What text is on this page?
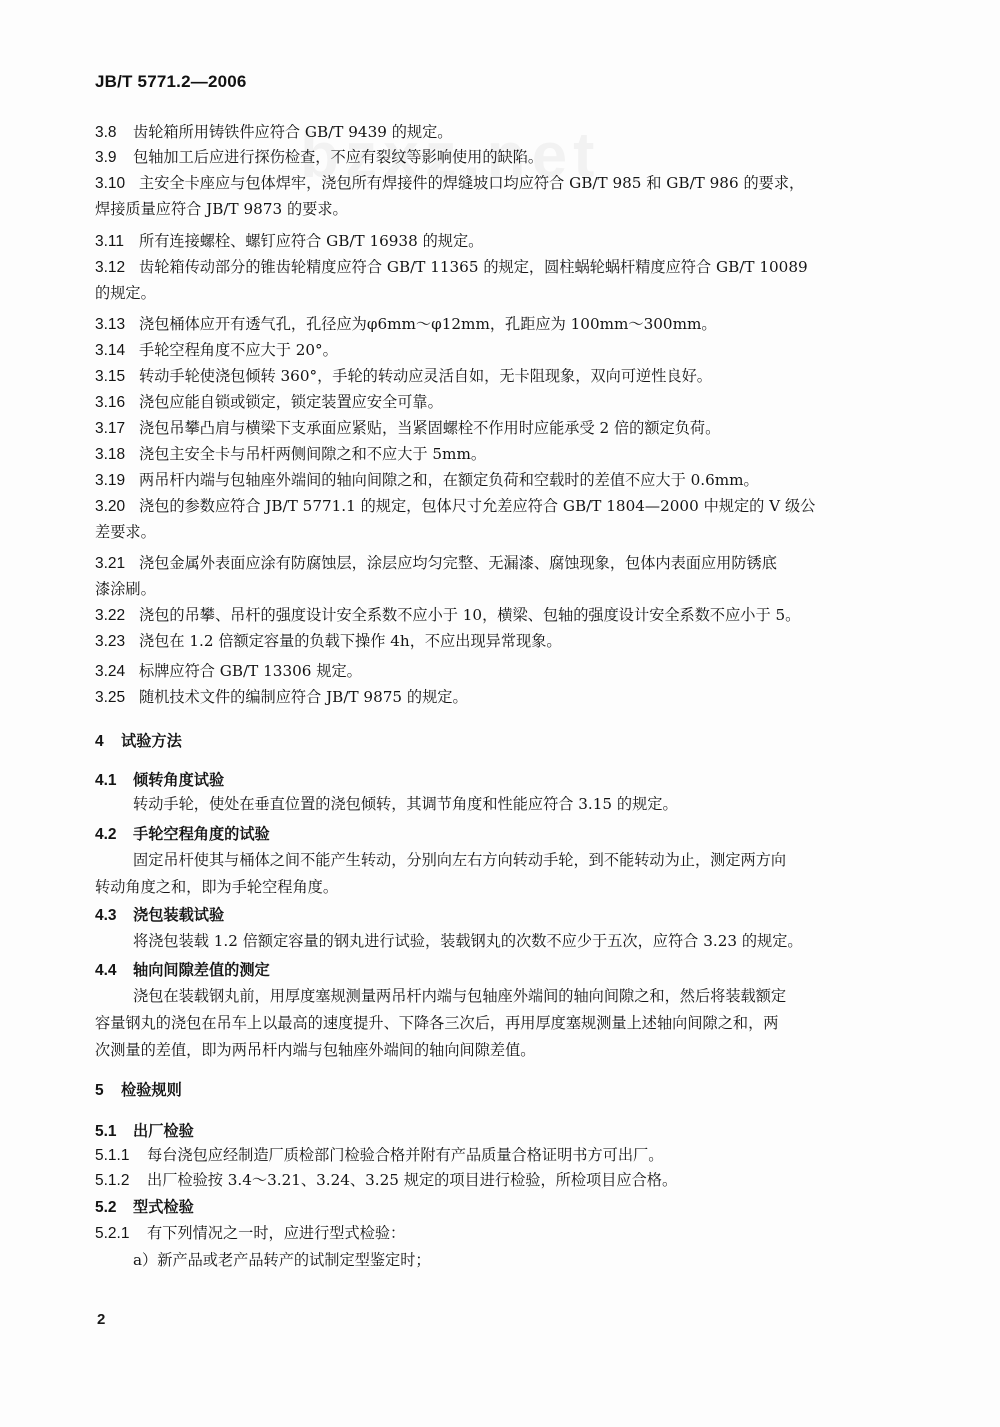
JB/T 5771.2—2006
3.8 齿轮箱所用铸铁件应符合 GB/T 9439 的规定。
3.9 包轴加工后应进行探伤检查，不应有裂纹等影响使用的缺陷。
3.10 主安全卡座应与包体焊牢，浇包所有焊接件的焊缝坡口均应符合 GB/T 985 和 GB/T 986 的要求，
焊接质量应符合 JB/T 9873 的要求。
3.11 所有连接螺栓、螺钉应符合 GB/T 16938 的规定。
3.12 齿轮箱传动部分的锥齿轮精度应符合 GB/T 11365 的规定，圆柱蜗轮蜗杆精度应符合 GB/T 10089
的规定。
3.13 浇包桶体应开有透气孔，孔径应为φ6mm～φ12mm，孔距应为 100mm～300mm。
3.14 手轮空程角度不应大于 20°。
3.15 转动手轮使浇包倾转 360°，手轮的转动应灵活自如，无卡阻现象，双向可逆性良好。
3.16 浇包应能自锁或锁定，锁定装置应安全可靠。
3.17 浇包吊攀凸肩与横梁下支承面应紧贴，当紧固螺栓不作用时应能承受 2 倍的额定负荷。
3.18 浇包主安全卡与吊杆两侧间隙之和不应大于 5mm。
3.19 两吊杆内端与包轴座外端间的轴向间隙之和，在额定负荷和空载时的差值不应大于 0.6mm。
3.20 浇包的参数应符合 JB/T 5771.1 的规定，包体尺寸允差应符合 GB/T 1804—2000 中规定的 V 级公
差要求。
3.21 浇包金属外表面应涂有防腐蚀层，涂层应均匀完整、无漏漆、腐蚀现象，包体内表面应用防锈底
漆涂刷。
3.22 浇包的吊攀、吊杆的强度设计安全系数不应小于 10，横梁、包轴的强度设计安全系数不应小于 5。
3.23 浇包在 1.2 倍额定容量的负载下操作 4h，不应出现异常现象。
3.24 标牌应符合 GB/T 13306 规定。
3.25 随机技术文件的编制应符合 JB/T 9875 的规定。
4 试验方法
4.1 倾转角度试验
转动手轮，使处在垂直位置的浇包倾转，其调节角度和性能应符合 3.15 的规定。
4.2 手轮空程角度的试验
固定吊杆使其与桶体之间不能产生转动，分别向左右方向转动手轮，到不能转动为止，测定两方向
转动角度之和，即为手轮空程角度。
4.3 浇包装载试验
将浇包装载 1.2 倍额定容量的钢丸进行试验，装载钢丸的次数不应少于五次，应符合 3.23 的规定。
4.4 轴向间隙差值的测定
浇包在装载钢丸前，用厚度塞规测量两吊杆内端与包轴座外端间的轴向间隙之和，然后将装载额定
容量钢丸的浇包在吊车上以最高的速度提升、下降各三次后，再用厚度塞规测量上述轴向间隙之和，两
次测量的差值，即为两吊杆内端与包轴座外端间的轴向间隙差值。
5 检验规则
5.1 出厂检验
5.1.1 每台浇包应经制造厂质检部门检验合格并附有产品质量合格证明书方可出厂。
5.1.2 出厂检验按 3.4～3.21、3.24、3.25 规定的项目进行检验，所检项目应合格。
5.2 型式检验
5.2.1 有下列情况之一时，应进行型式检验：
a）新产品或老产品转产的试制定型鉴定时；
2
